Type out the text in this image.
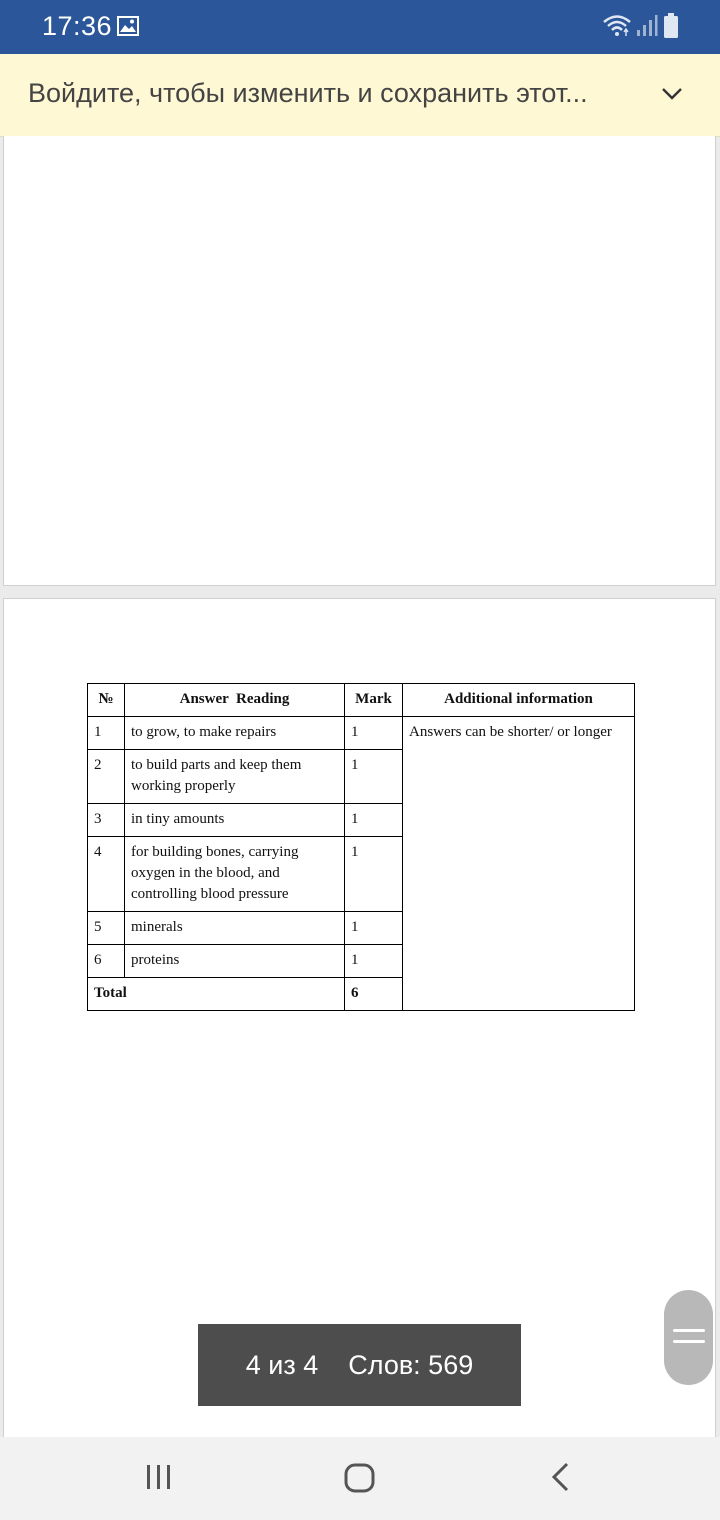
17:36
Войдите, чтобы изменить и сохранить этот...
№	Answer  Reading	Mark	Additional information
1	to grow, to make repairs	1	Answers can be shorter/ or longer
2	to build parts and keep them working properly	1	
3	in tiny amounts	1	
4	for building bones, carrying oxygen in the blood, and controlling blood pressure	1	
5	minerals	1	
6	proteins	1	
Total		6	
4 из 4 Слов: 569
